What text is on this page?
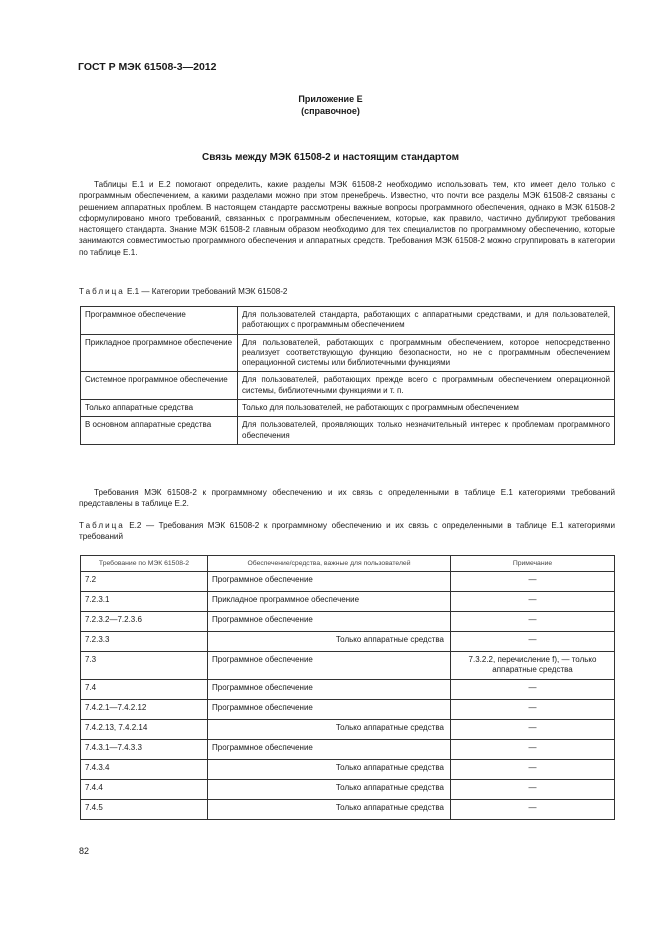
ГОСТ Р МЭК 61508-3—2012
Приложение Е
(справочное)
Связь между МЭК 61508-2 и настоящим стандартом
Таблицы Е.1 и Е.2 помогают определить, какие разделы МЭК 61508-2 необходимо использовать тем, кто имеет дело только с программным обеспечением, а какими разделами можно при этом пренебречь. Известно, что почти все разделы МЭК 61508-2 связаны с решением аппаратных проблем. В настоящем стандарте рассмотрены важные вопросы программного обеспечения, однако в МЭК 61508-2 сформулировано много требований, связанных с программным обеспечением, которые, как правило, частично дублируют требования настоящего стандарта. Знание МЭК 61508-2 главным образом необходимо для тех специалистов по программному обеспечению, которые занимаются совместимостью программного обеспечения и аппаратных средств. Требования МЭК 61508-2 можно сгруппировать в категории по таблице Е.1.
Таблица Е.1 — Категории требований МЭК 61508-2
Программное обеспечение	Для пользователей стандарта, работающих с аппаратными средствами, и для пользователей, работающих с программным обеспечением
Прикладное программное обеспечение	Для пользователей, работающих с программным обеспечением, которое непосредственно реализует соответствующую функцию безопасности, но не с программным обеспечением операционной системы или библиотечными функциями
Системное программное обеспечение	Для пользователей, работающих прежде всего с программным обеспечением операционной системы, библиотечными функциями и т. п.
Только аппаратные средства	Только для пользователей, не работающих с программным обеспечением
В основном аппаратные средства	Для пользователей, проявляющих только незначительный интерес к проблемам программного обеспечения
Требования МЭК 61508-2 к программному обеспечению и их связь с определенными в таблице Е.1 категориями требований представлены в таблице Е.2.
Таблица Е.2 — Требования МЭК 61508-2 к программному обеспечению и их связь с определенными в таблице Е.1 категориями требований
Требование по МЭК 61508-2	Обеспечение/средства, важные для пользователей	Примечание
7.2	Программное обеспечение	—
7.2.3.1	Прикладное программное обеспечение	—
7.2.3.2—7.2.3.6	Программное обеспечение	—
7.2.3.3	Только аппаратные средства	—
7.3	Программное обеспечение	7.3.2.2, перечисление f), — только аппаратные средства
7.4	Программное обеспечение	—
7.4.2.1—7.4.2.12	Программное обеспечение	—
7.4.2.13, 7.4.2.14	Только аппаратные средства	—
7.4.3.1—7.4.3.3	Программное обеспечение	—
7.4.3.4	Только аппаратные средства	—
7.4.4	Только аппаратные средства	—
7.4.5	Только аппаратные средства	—
82
